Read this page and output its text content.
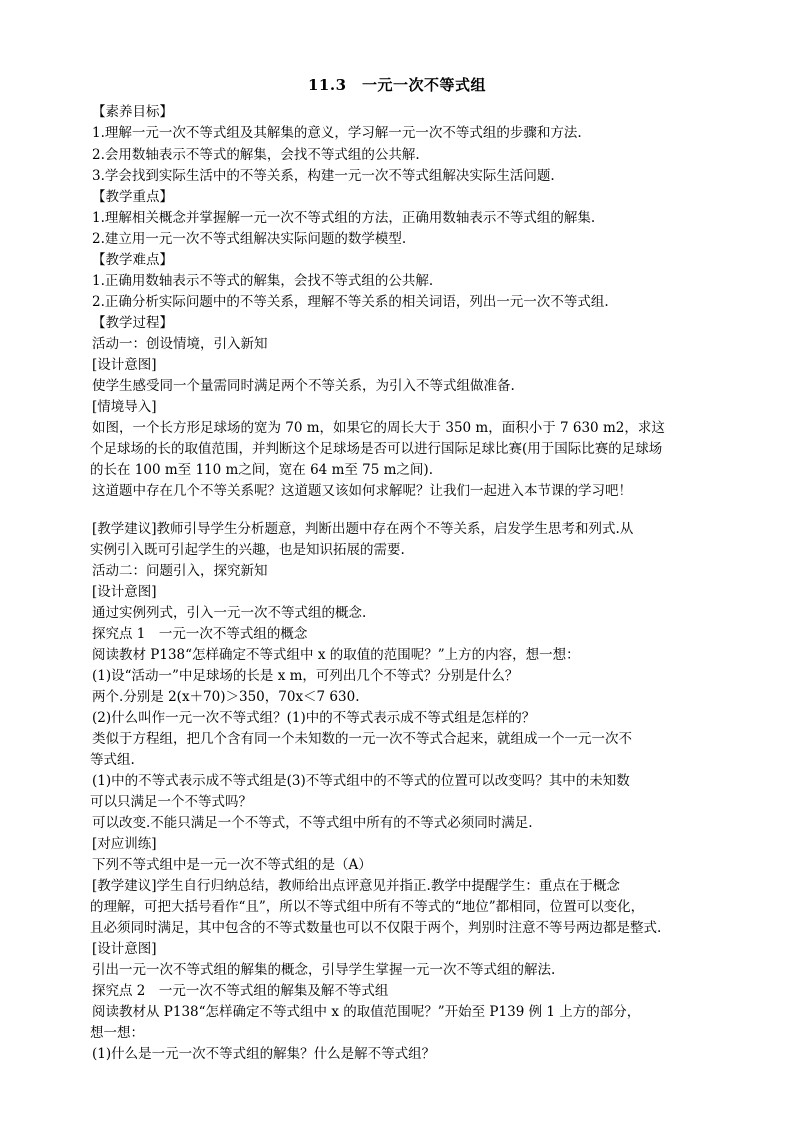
11.3　一元一次不等式组
【素养目标】
1.理解一元一次不等式组及其解集的意义，学习解一元一次不等式组的步骤和方法.
2.会用数轴表示不等式的解集，会找不等式组的公共解.
3.学会找到实际生活中的不等关系，构建一元一次不等式组解决实际生活问题.
【教学重点】
1.理解相关概念并掌握解一元一次不等式组的方法，正确用数轴表示不等式组的解集.
2.建立用一元一次不等式组解决实际问题的数学模型.
【教学难点】
1.正确用数轴表示不等式的解集，会找不等式组的公共解.
2.正确分析实际问题中的不等关系，理解不等关系的相关词语，列出一元一次不等式组.
【教学过程】
活动一：创设情境，引入新知
[设计意图]
使学生感受同一个量需同时满足两个不等关系，为引入不等式组做准备.
[情境导入]
如图，一个长方形足球场的宽为 70 m，如果它的周长大于 350 m，面积小于 7 630 m2，求这
个足球场的长的取值范围，并判断这个足球场是否可以进行国际足球比赛(用于国际比赛的足球场
的长在 100 m至 110 m之间，宽在 64 m至 75 m之间).
这道题中存在几个不等关系呢？这道题又该如何求解呢？让我们一起进入本节课的学习吧！
[教学建议]教师引导学生分析题意，判断出题中存在两个不等关系，启发学生思考和列式.从
实例引入既可引起学生的兴趣，也是知识拓展的需要.
活动二：问题引入，探究新知
[设计意图]
通过实例列式，引入一元一次不等式组的概念.
探究点 1　一元一次不等式组的概念
阅读教材 P138“怎样确定不等式组中 x 的取值的范围呢？”上方的内容，想一想：
(1)设“活动一”中足球场的长是 x m，可列出几个不等式？分别是什么？
两个.分别是 2(x＋70)＞350，70x＜7 630.
(2)什么叫作一元一次不等式组？(1)中的不等式表示成不等式组是怎样的？
类似于方程组，把几个含有同一个未知数的一元一次不等式合起来，就组成一个一元一次不
等式组.
(1)中的不等式表示成不等式组是(3)不等式组中的不等式的位置可以改变吗？其中的未知数
可以只满足一个不等式吗？
可以改变.不能只满足一个不等式，不等式组中所有的不等式必须同时满足.
[对应训练]
下列不等式组中是一元一次不等式组的是（A）
[教学建议]学生自行归纳总结，教师给出点评意见并指正.教学中提醒学生：重点在于概念
的理解，可把大括号看作“且”，所以不等式组中所有不等式的“地位”都相同，位置可以变化，
且必须同时满足，其中包含的不等式数量也可以不仅限于两个，判别时注意不等号两边都是整式.
[设计意图]
引出一元一次不等式组的解集的概念，引导学生掌握一元一次不等式组的解法.
探究点 2　一元一次不等式组的解集及解不等式组
阅读教材从 P138“怎样确定不等式组中 x 的取值范围呢？”开始至 P139 例 1 上方的部分，
想一想：
(1)什么是一元一次不等式组的解集？什么是解不等式组？
